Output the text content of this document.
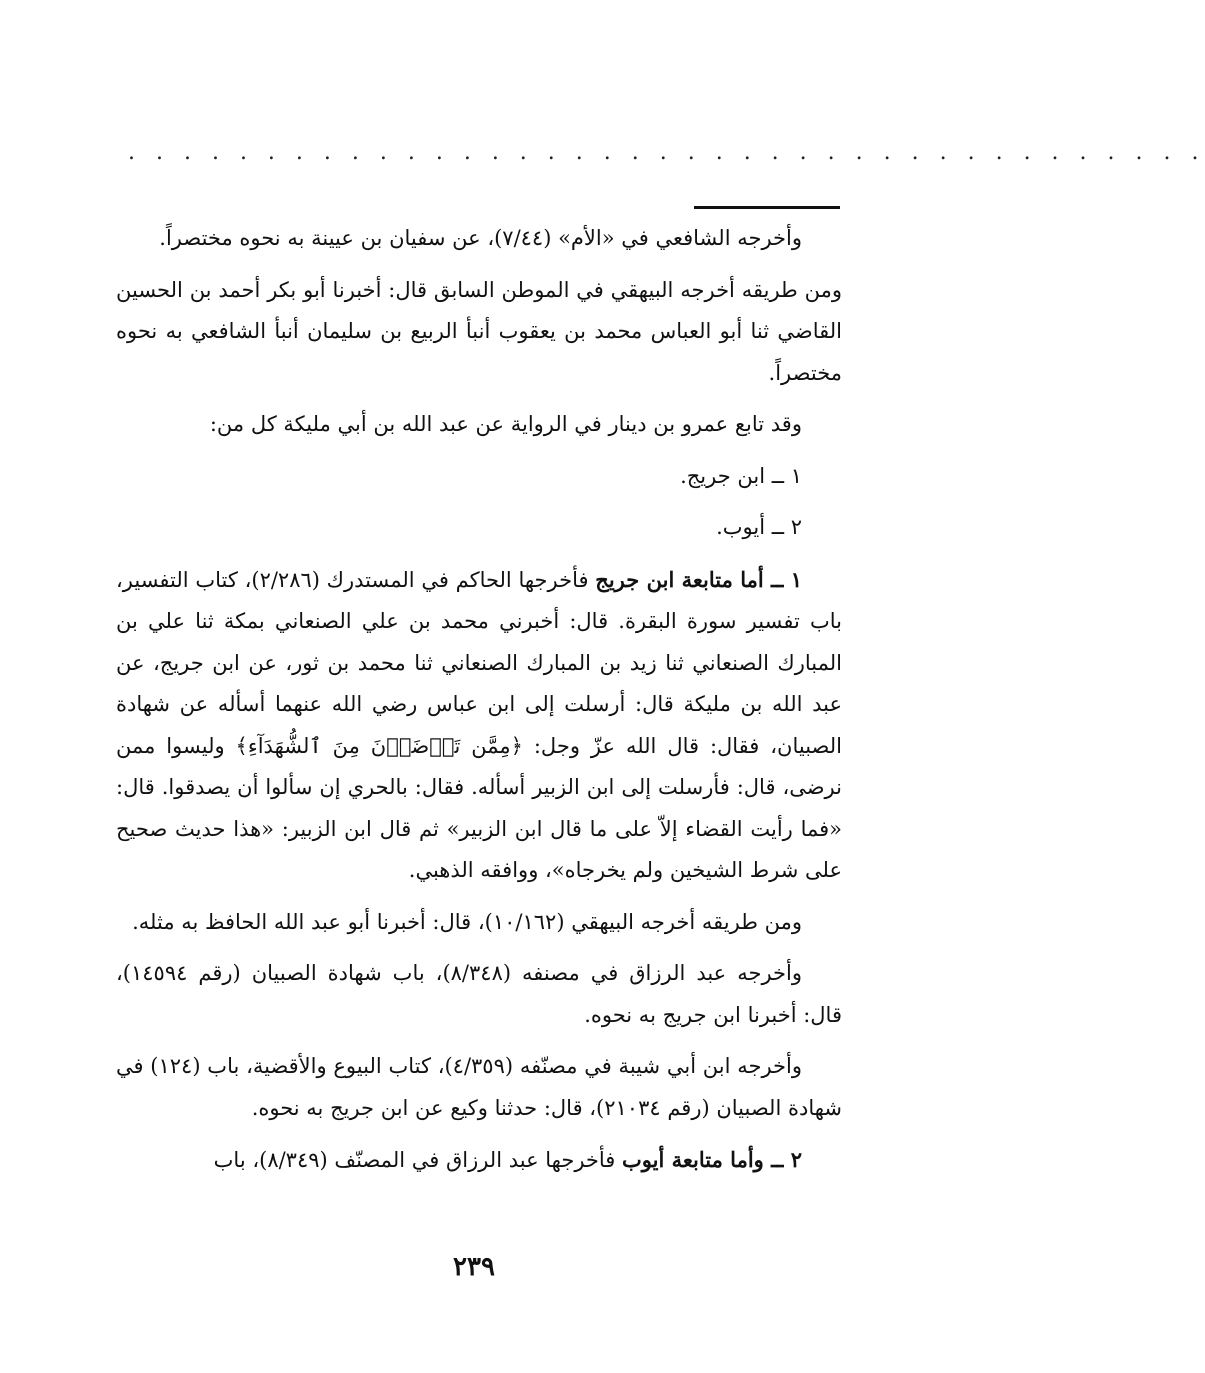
. . . . . . . . . . . . . . . . . . . . . . . . . . . . . . . . . . . . . . .

وأخرجه الشافعي في «الأم» (٧/٤٤)، عن سفيان بن عيينة به نحوه مختصراً.

ومن طريقه أخرجه البيهقي في الموطن السابق قال: أخبرنا أبو بكر أحمد بن الحسين القاضي ثنا أبو العباس محمد بن يعقوب أنبأ الربيع بن سليمان أنبأ الشافعي به نحوه مختصراً.

وقد تابع عمرو بن دينار في الرواية عن عبد الله بن أبي مليكة كل من:

١ ــ ابن جريج.

٢ ــ أيوب.

١ ــ أما متابعة ابن جريج فأخرجها الحاكم في المستدرك (٢/٢٨٦)، كتاب التفسير، باب تفسير سورة البقرة. قال: أخبرني محمد بن علي الصنعاني بمكة ثنا علي بن المبارك الصنعاني ثنا زيد بن المبارك الصنعاني ثنا محمد بن ثور، عن ابن جريج، عن عبد الله بن مليكة قال: أرسلت إلى ابن عباس رضي الله عنهما أسأله عن شهادة الصبيان، فقال: قال الله عزّ وجل: ﴿مِمَّن تَرۡضَوۡنَ مِنَ ٱلشُّهَدَآءِ﴾ وليسوا ممن نرضى، قال: فأرسلت إلى ابن الزبير أسأله. فقال: بالحري إن سألوا أن يصدقوا. قال: «فما رأيت القضاء إلاّ على ما قال ابن الزبير» ثم قال ابن الزبير: «هذا حديث صحيح على شرط الشيخين ولم يخرجاه»، ووافقه الذهبي.

ومن طريقه أخرجه البيهقي (١٠/١٦٢)، قال: أخبرنا أبو عبد الله الحافظ به مثله.

وأخرجه عبد الرزاق في مصنفه (٨/٣٤٨)، باب شهادة الصبيان (رقم ١٤٥٩٤)، قال: أخبرنا ابن جريج به نحوه.

وأخرجه ابن أبي شيبة في مصنّفه (٤/٣٥٩)، كتاب البيوع والأقضية، باب (١٢٤) في شهادة الصبيان (رقم ٢١٠٣٤)، قال: حدثنا وكيع عن ابن جريج به نحوه.

٢ ــ وأما متابعة أيوب فأخرجها عبد الرزاق في المصنّف (٨/٣٤٩)، باب

٢٣٩
